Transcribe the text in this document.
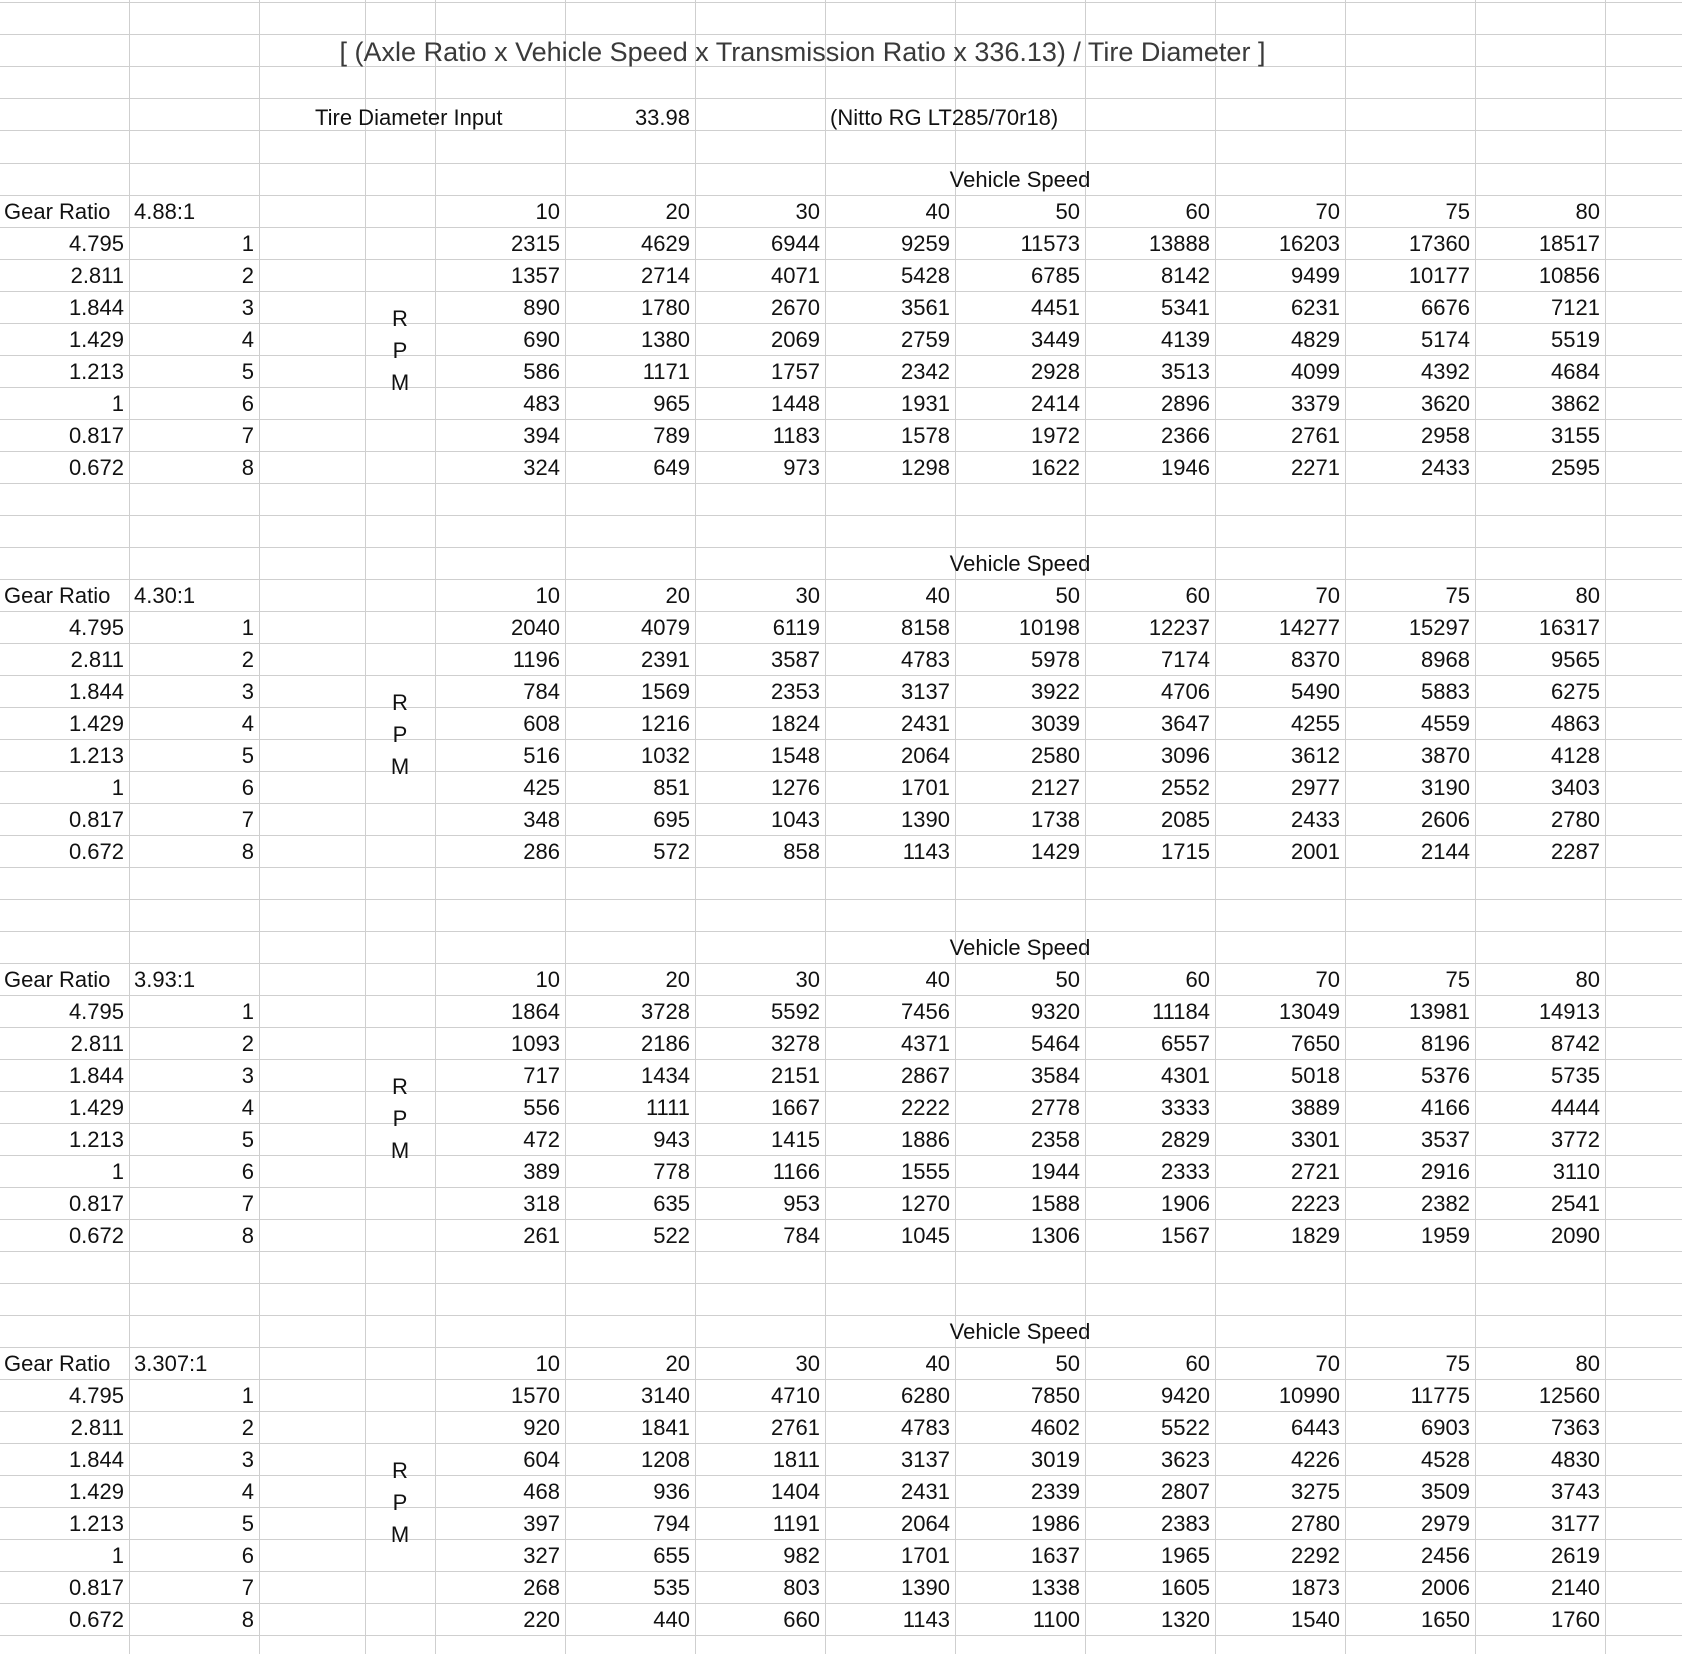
[ (Axle Ratio x Vehicle Speed x Transmission Ratio x 336.13) / Tire Diameter ]
Tire Diameter Input	33.98	(Nitto RG LT285/70r18)
Vehicle Speed
Gear Ratio 4.88:1	10	20	30	40	50	60	70	75	80
4.795	1	2315	4629	6944	9259	11573	13888	16203	17360	18517
2.811	2	1357	2714	4071	5428	6785	8142	9499	10177	10856
1.844	3	890	1780	2670	3561	4451	5341	6231	6676	7121
1.429	4	690	1380	2069	2759	3449	4139	4829	5174	5519
1.213	5	586	1171	1757	2342	2928	3513	4099	4392	4684
1	6	483	965	1448	1931	2414	2896	3379	3620	3862
0.817	7	394	789	1183	1578	1972	2366	2761	2958	3155
0.672	8	324	649	973	1298	1622	1946	2271	2433	2595
R
P
M
Vehicle Speed
Gear Ratio 4.30:1	10	20	30	40	50	60	70	75	80
4.795	1	2040	4079	6119	8158	10198	12237	14277	15297	16317
2.811	2	1196	2391	3587	4783	5978	7174	8370	8968	9565
1.844	3	784	1569	2353	3137	3922	4706	5490	5883	6275
1.429	4	608	1216	1824	2431	3039	3647	4255	4559	4863
1.213	5	516	1032	1548	2064	2580	3096	3612	3870	4128
1	6	425	851	1276	1701	2127	2552	2977	3190	3403
0.817	7	348	695	1043	1390	1738	2085	2433	2606	2780
0.672	8	286	572	858	1143	1429	1715	2001	2144	2287
R
P
M
Vehicle Speed
Gear Ratio 3.93:1	10	20	30	40	50	60	70	75	80
4.795	1	1864	3728	5592	7456	9320	11184	13049	13981	14913
2.811	2	1093	2186	3278	4371	5464	6557	7650	8196	8742
1.844	3	717	1434	2151	2867	3584	4301	5018	5376	5735
1.429	4	556	1111	1667	2222	2778	3333	3889	4166	4444
1.213	5	472	943	1415	1886	2358	2829	3301	3537	3772
1	6	389	778	1166	1555	1944	2333	2721	2916	3110
0.817	7	318	635	953	1270	1588	1906	2223	2382	2541
0.672	8	261	522	784	1045	1306	1567	1829	1959	2090
R
P
M
Vehicle Speed
Gear Ratio 3.307:1	10	20	30	40	50	60	70	75	80
4.795	1	1570	3140	4710	6280	7850	9420	10990	11775	12560
2.811	2	920	1841	2761	4783	4602	5522	6443	6903	7363
1.844	3	604	1208	1811	3137	3019	3623	4226	4528	4830
1.429	4	468	936	1404	2431	2339	2807	3275	3509	3743
1.213	5	397	794	1191	2064	1986	2383	2780	2979	3177
1	6	327	655	982	1701	1637	1965	2292	2456	2619
0.817	7	268	535	803	1390	1338	1605	1873	2006	2140
0.672	8	220	440	660	1143	1100	1320	1540	1650	1760
R
P
M
